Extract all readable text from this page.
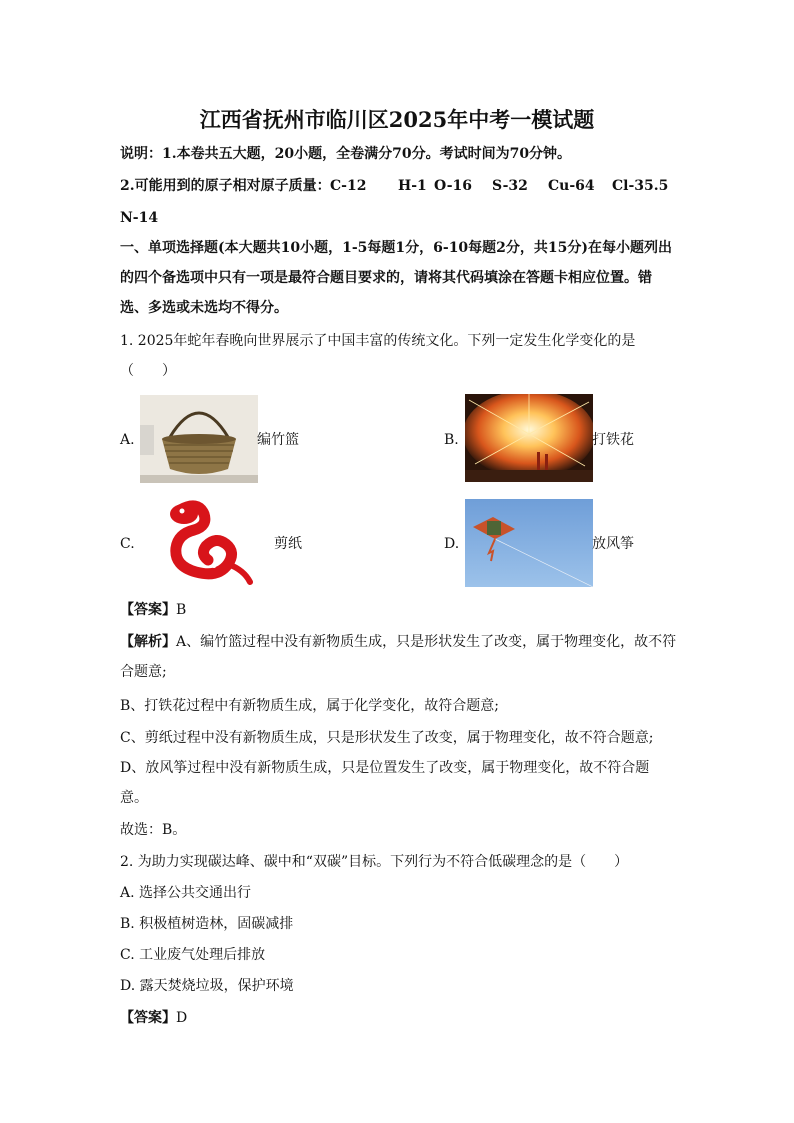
江西省抚州市临川区2025年中考一模试题
说明：1.本卷共五大题，20小题，全卷满分70分。考试时间为70分钟。
2.可能用到的原子相对原子质量： C-12 H-1 O-16 S-32 Cu-64 Cl-35.5
N-14
一、单项选择题(本大题共10小题，1-5每题1分，6-10每题2分，共15分)在每小题列出
的四个备选项中只有一项是最符合题目要求的，请将其代码填涂在答题卡相应位置。错
选、多选或未选均不得分。
1. 2025年蛇年春晚向世界展示了中国丰富的传统文化。下列一定发生化学变化的是
（　　）
A.	编竹篮	B.	打铁花
C.	剪纸	D.	放风筝
【答案】B
【解析】A、编竹篮过程中没有新物质生成，只是形状发生了改变，属于物理变化，故不符
合题意;
B、打铁花过程中有新物质生成，属于化学变化，故符合题意;
C、剪纸过程中没有新物质生成，只是形状发生了改变，属于物理变化，故不符合题意;
D、放风筝过程中没有新物质生成，只是位置发生了改变，属于物理变化，故不符合题
意。
故选：B。
2. 为助力实现碳达峰、碳中和“双碳”目标。下列行为不符合低碳理念的是（　　）
A. 选择公共交通出行
B. 积极植树造林，固碳减排
C. 工业废气处理后排放
D. 露天焚烧垃圾，保护环境
【答案】D
